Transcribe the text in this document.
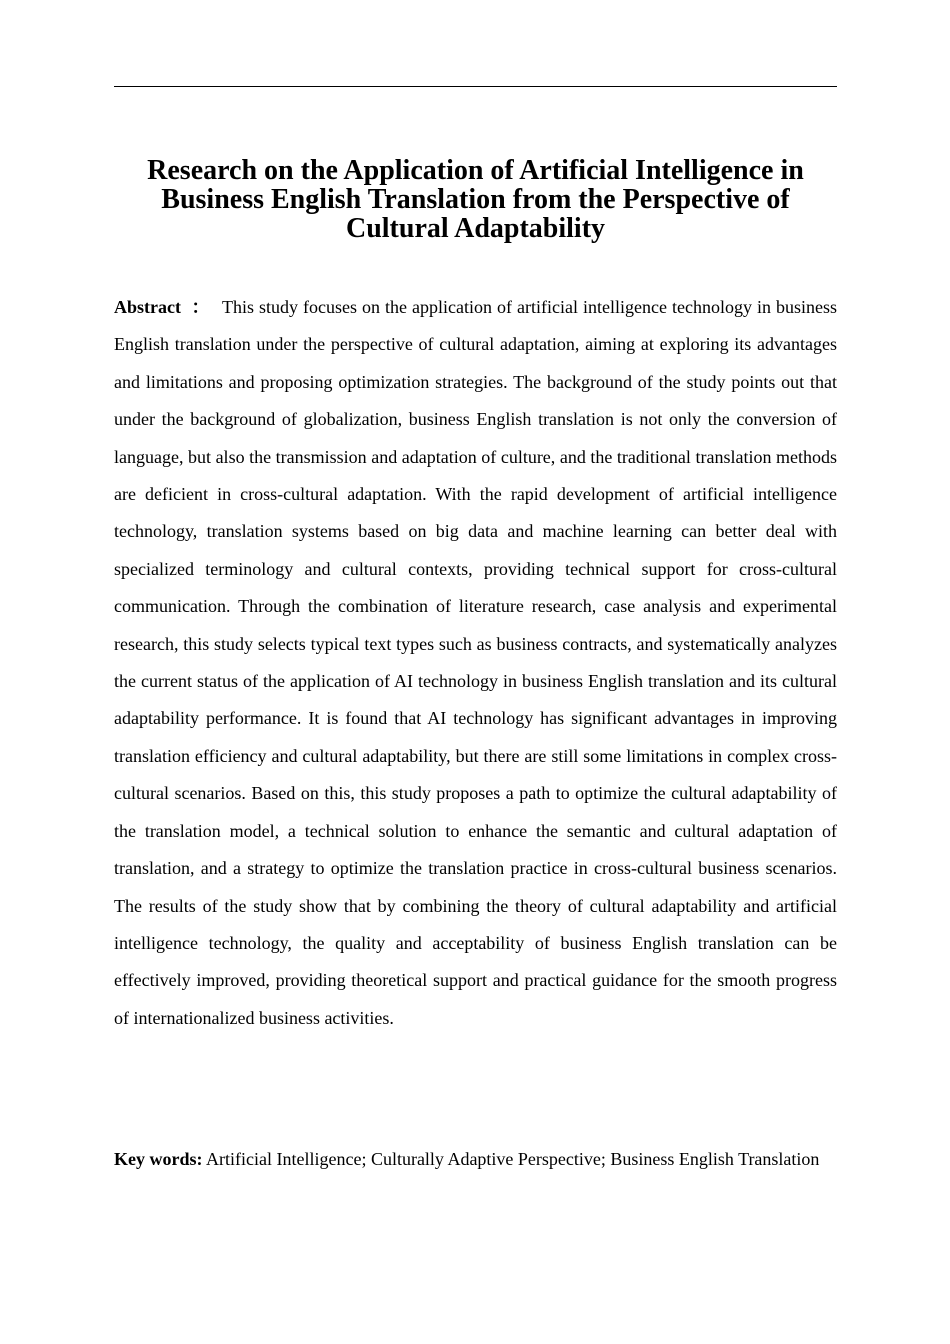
Research on the Application of Artificial Intelligence in Business English Translation from the Perspective of Cultural Adaptability

Abstract ： This study focuses on the application of artificial intelligence technology in business English translation under the perspective of cultural adaptation, aiming at exploring its advantages and limitations and proposing optimization strategies. The background of the study points out that under the background of globalization, business English translation is not only the conversion of language, but also the transmission and adaptation of culture, and the traditional translation methods are deficient in cross-cultural adaptation. With the rapid development of artificial intelligence technology, translation systems based on big data and machine learning can better deal with specialized terminology and cultural contexts, providing technical support for cross-cultural communication. Through the combination of literature research, case analysis and experimental research, this study selects typical text types such as business contracts, and systematically analyzes the current status of the application of AI technology in business English translation and its cultural adaptability performance. It is found that AI technology has significant advantages in improving translation efficiency and cultural adaptability, but there are still some limitations in complex cross-cultural scenarios. Based on this, this study proposes a path to optimize the cultural adaptability of the translation model, a technical solution to enhance the semantic and cultural adaptation of translation, and a strategy to optimize the translation practice in cross-cultural business scenarios. The results of the study show that by combining the theory of cultural adaptability and artificial intelligence technology, the quality and acceptability of business English translation can be effectively improved, providing theoretical support and practical guidance for the smooth progress of internationalized business activities.

Key words: Artificial Intelligence; Culturally Adaptive Perspective; Business English Translation
